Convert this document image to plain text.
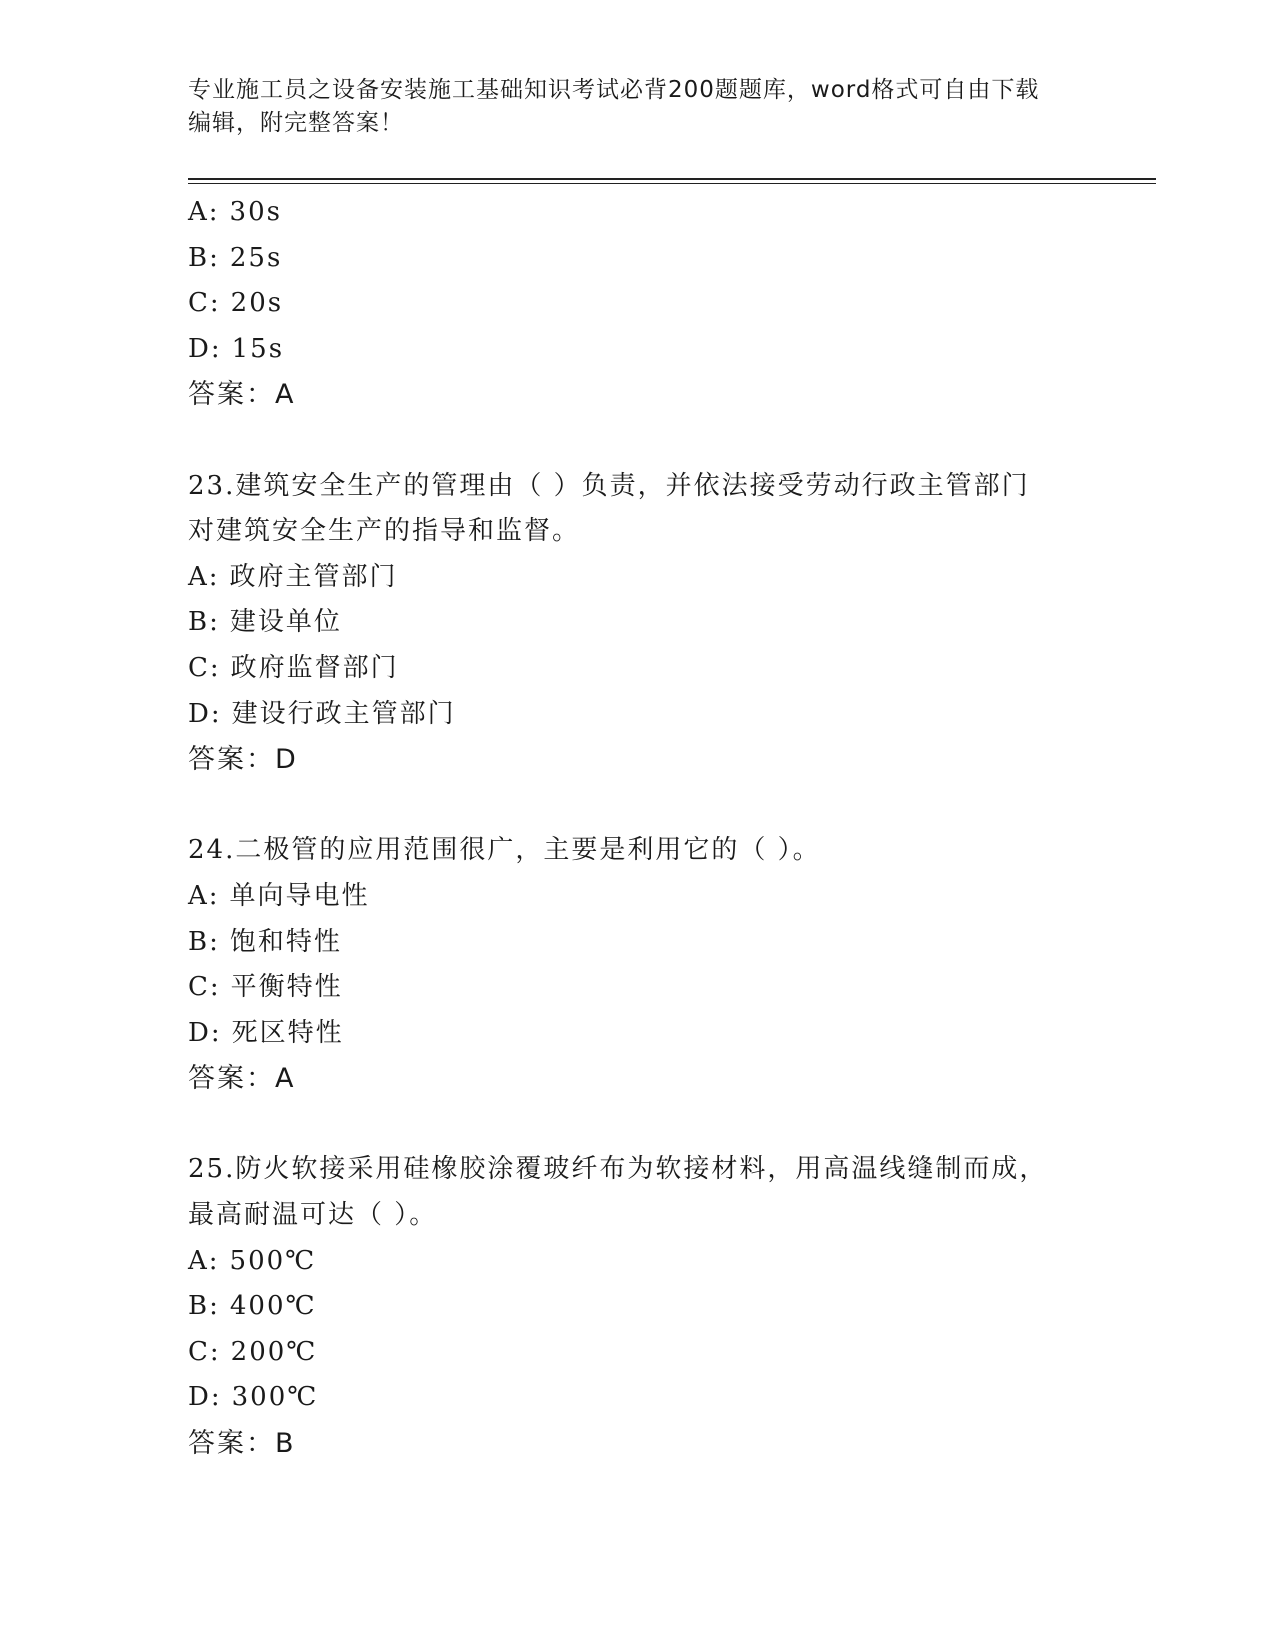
专业施工员之设备安装施工基础知识考试必背200题题库，word格式可自由下载
编辑，附完整答案！
A: 30s
B: 25s
C: 20s
D: 15s
答案：A
23.建筑安全生产的管理由（ ）负责，并依法接受劳动行政主管部门
对建筑安全生产的指导和监督。
A: 政府主管部门
B: 建设单位
C: 政府监督部门
D: 建设行政主管部门
答案：D
24.二极管的应用范围很广，主要是利用它的（ ）。
A: 单向导电性
B: 饱和特性
C: 平衡特性
D: 死区特性
答案：A
25.防火软接采用硅橡胶涂覆玻纤布为软接材料，用高温线缝制而成，
最高耐温可达（ ）。
A: 500℃
B: 400℃
C: 200℃
D: 300℃
答案：B
